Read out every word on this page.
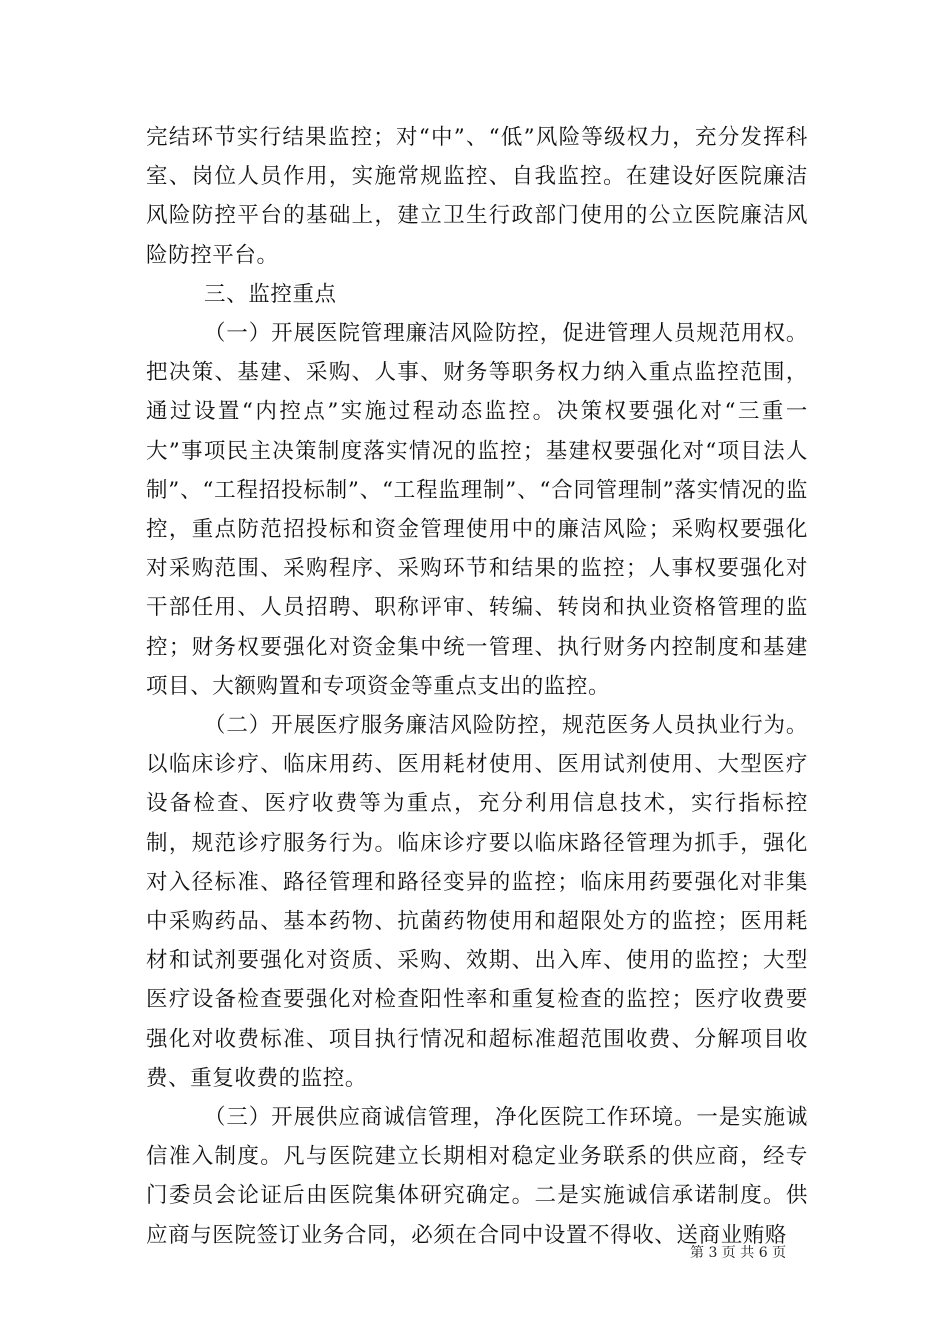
完结环节实行结果监控；对“中”、“低”风险等级权力，充分发挥科室、岗位人员作用，实施常规监控、自我监控。在建设好医院廉洁风险防控平台的基础上，建立卫生行政部门使用的公立医院廉洁风险防控平台。

三、监控重点

（一）开展医院管理廉洁风险防控，促进管理人员规范用权。把决策、基建、采购、人事、财务等职务权力纳入重点监控范围，通过设置“内控点”实施过程动态监控。决策权要强化对“三重一大”事项民主决策制度落实情况的监控；基建权要强化对“项目法人制”、“工程招投标制”、“工程监理制”、“合同管理制”落实情况的监控，重点防范招投标和资金管理使用中的廉洁风险；采购权要强化对采购范围、采购程序、采购环节和结果的监控；人事权要强化对干部任用、人员招聘、职称评审、转编、转岗和执业资格管理的监控；财务权要强化对资金集中统一管理、执行财务内控制度和基建项目、大额购置和专项资金等重点支出的监控。

（二）开展医疗服务廉洁风险防控，规范医务人员执业行为。以临床诊疗、临床用药、医用耗材使用、医用试剂使用、大型医疗设备检查、医疗收费等为重点，充分利用信息技术，实行指标控制，规范诊疗服务行为。临床诊疗要以临床路径管理为抓手，强化对入径标准、路径管理和路径变异的监控；临床用药要强化对非集中采购药品、基本药物、抗菌药物使用和超限处方的监控；医用耗材和试剂要强化对资质、采购、效期、出入库、使用的监控；大型医疗设备检查要强化对检查阳性率和重复检查的监控；医疗收费要强化对收费标准、项目执行情况和超标准超范围收费、分解项目收费、重复收费的监控。

（三）开展供应商诚信管理，净化医院工作环境。一是实施诚信准入制度。凡与医院建立长期相对稳定业务联系的供应商，经专门委员会论证后由医院集体研究确定。二是实施诚信承诺制度。供应商与医院签订业务合同，必须在合同中设置不得收、送商业贿赂

第 3 页 共 6 页
